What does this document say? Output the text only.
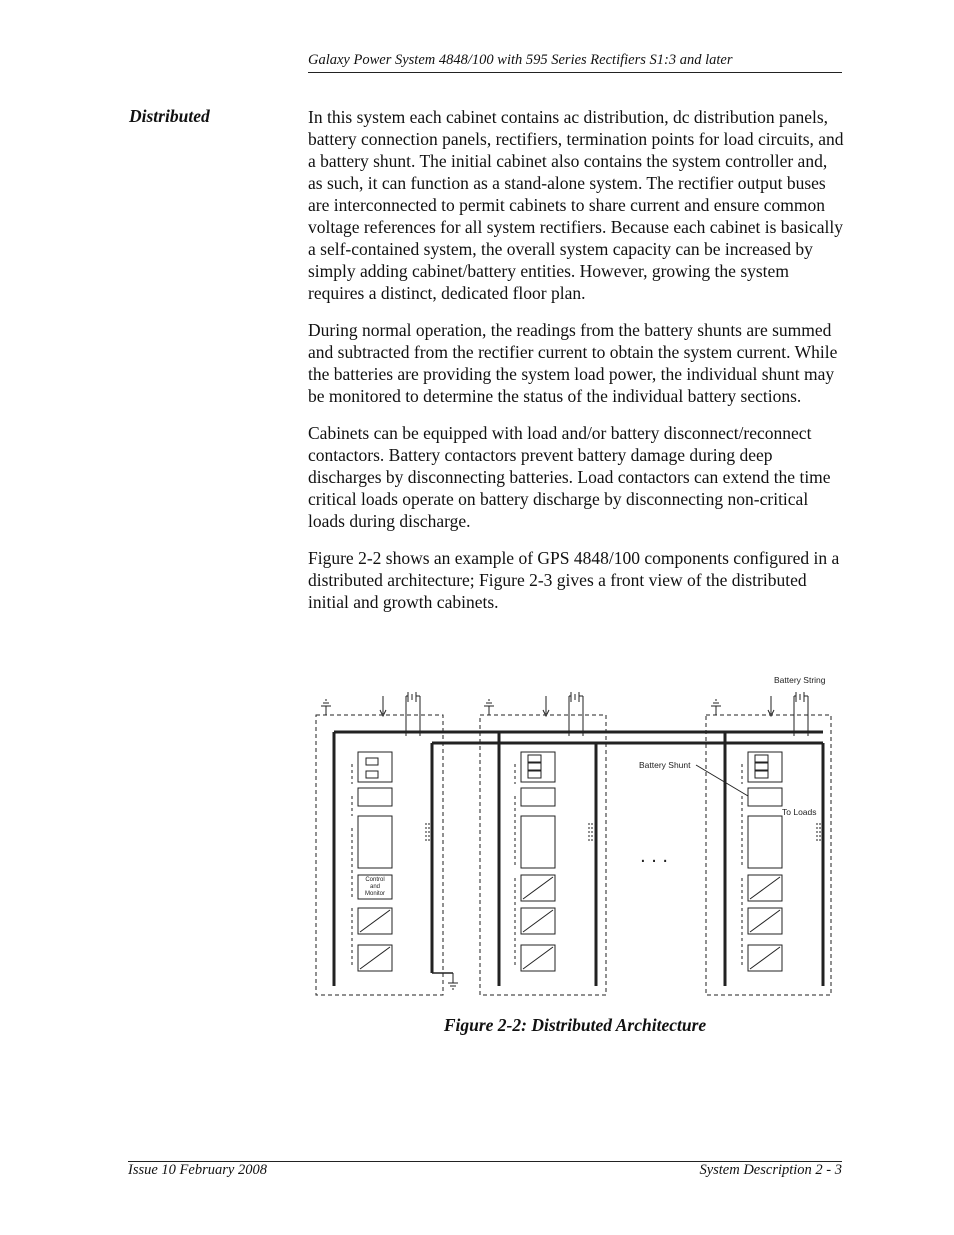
Galaxy Power System 4848/100 with 595 Series Rectifiers S1:3 and later
Distributed	In this system each cabinet contains ac distribution, dc distribution panels, battery connection panels, rectifiers, termination points for load circuits, and a battery shunt. The initial cabinet also contains the system controller and, as such, it can function as a stand-alone system. The rectifier output buses are interconnected to permit cabinets to share current and ensure common voltage references for all system rectifiers. Because each cabinet is basically a self-contained system, the overall system capacity can be increased by simply adding cabinet/battery entities. However, growing the system requires a distinct, dedicated floor plan.

During normal operation, the readings from the battery shunts are summed and subtracted from the rectifier current to obtain the system current. While the batteries are providing the system load power, the individual shunt may be monitored to determine the status of the individual battery sections.

Cabinets can be equipped with load and/or battery disconnect/reconnect contactors. Battery contactors prevent battery damage during deep discharges by disconnecting batteries. Load contactors can extend the time critical loads operate on battery discharge by disconnecting non-critical loads during discharge.

Figure 2-2 shows an example of GPS 4848/100 components configured in a distributed architecture; Figure 2-3 gives a front view of the distributed initial and growth cabinets.

Battery String
Battery Shunt
To Loads
Control
and
Monitor
. . .
Figure 2-2: Distributed Architecture
Issue 10 February 2008	System Description 2 - 3
